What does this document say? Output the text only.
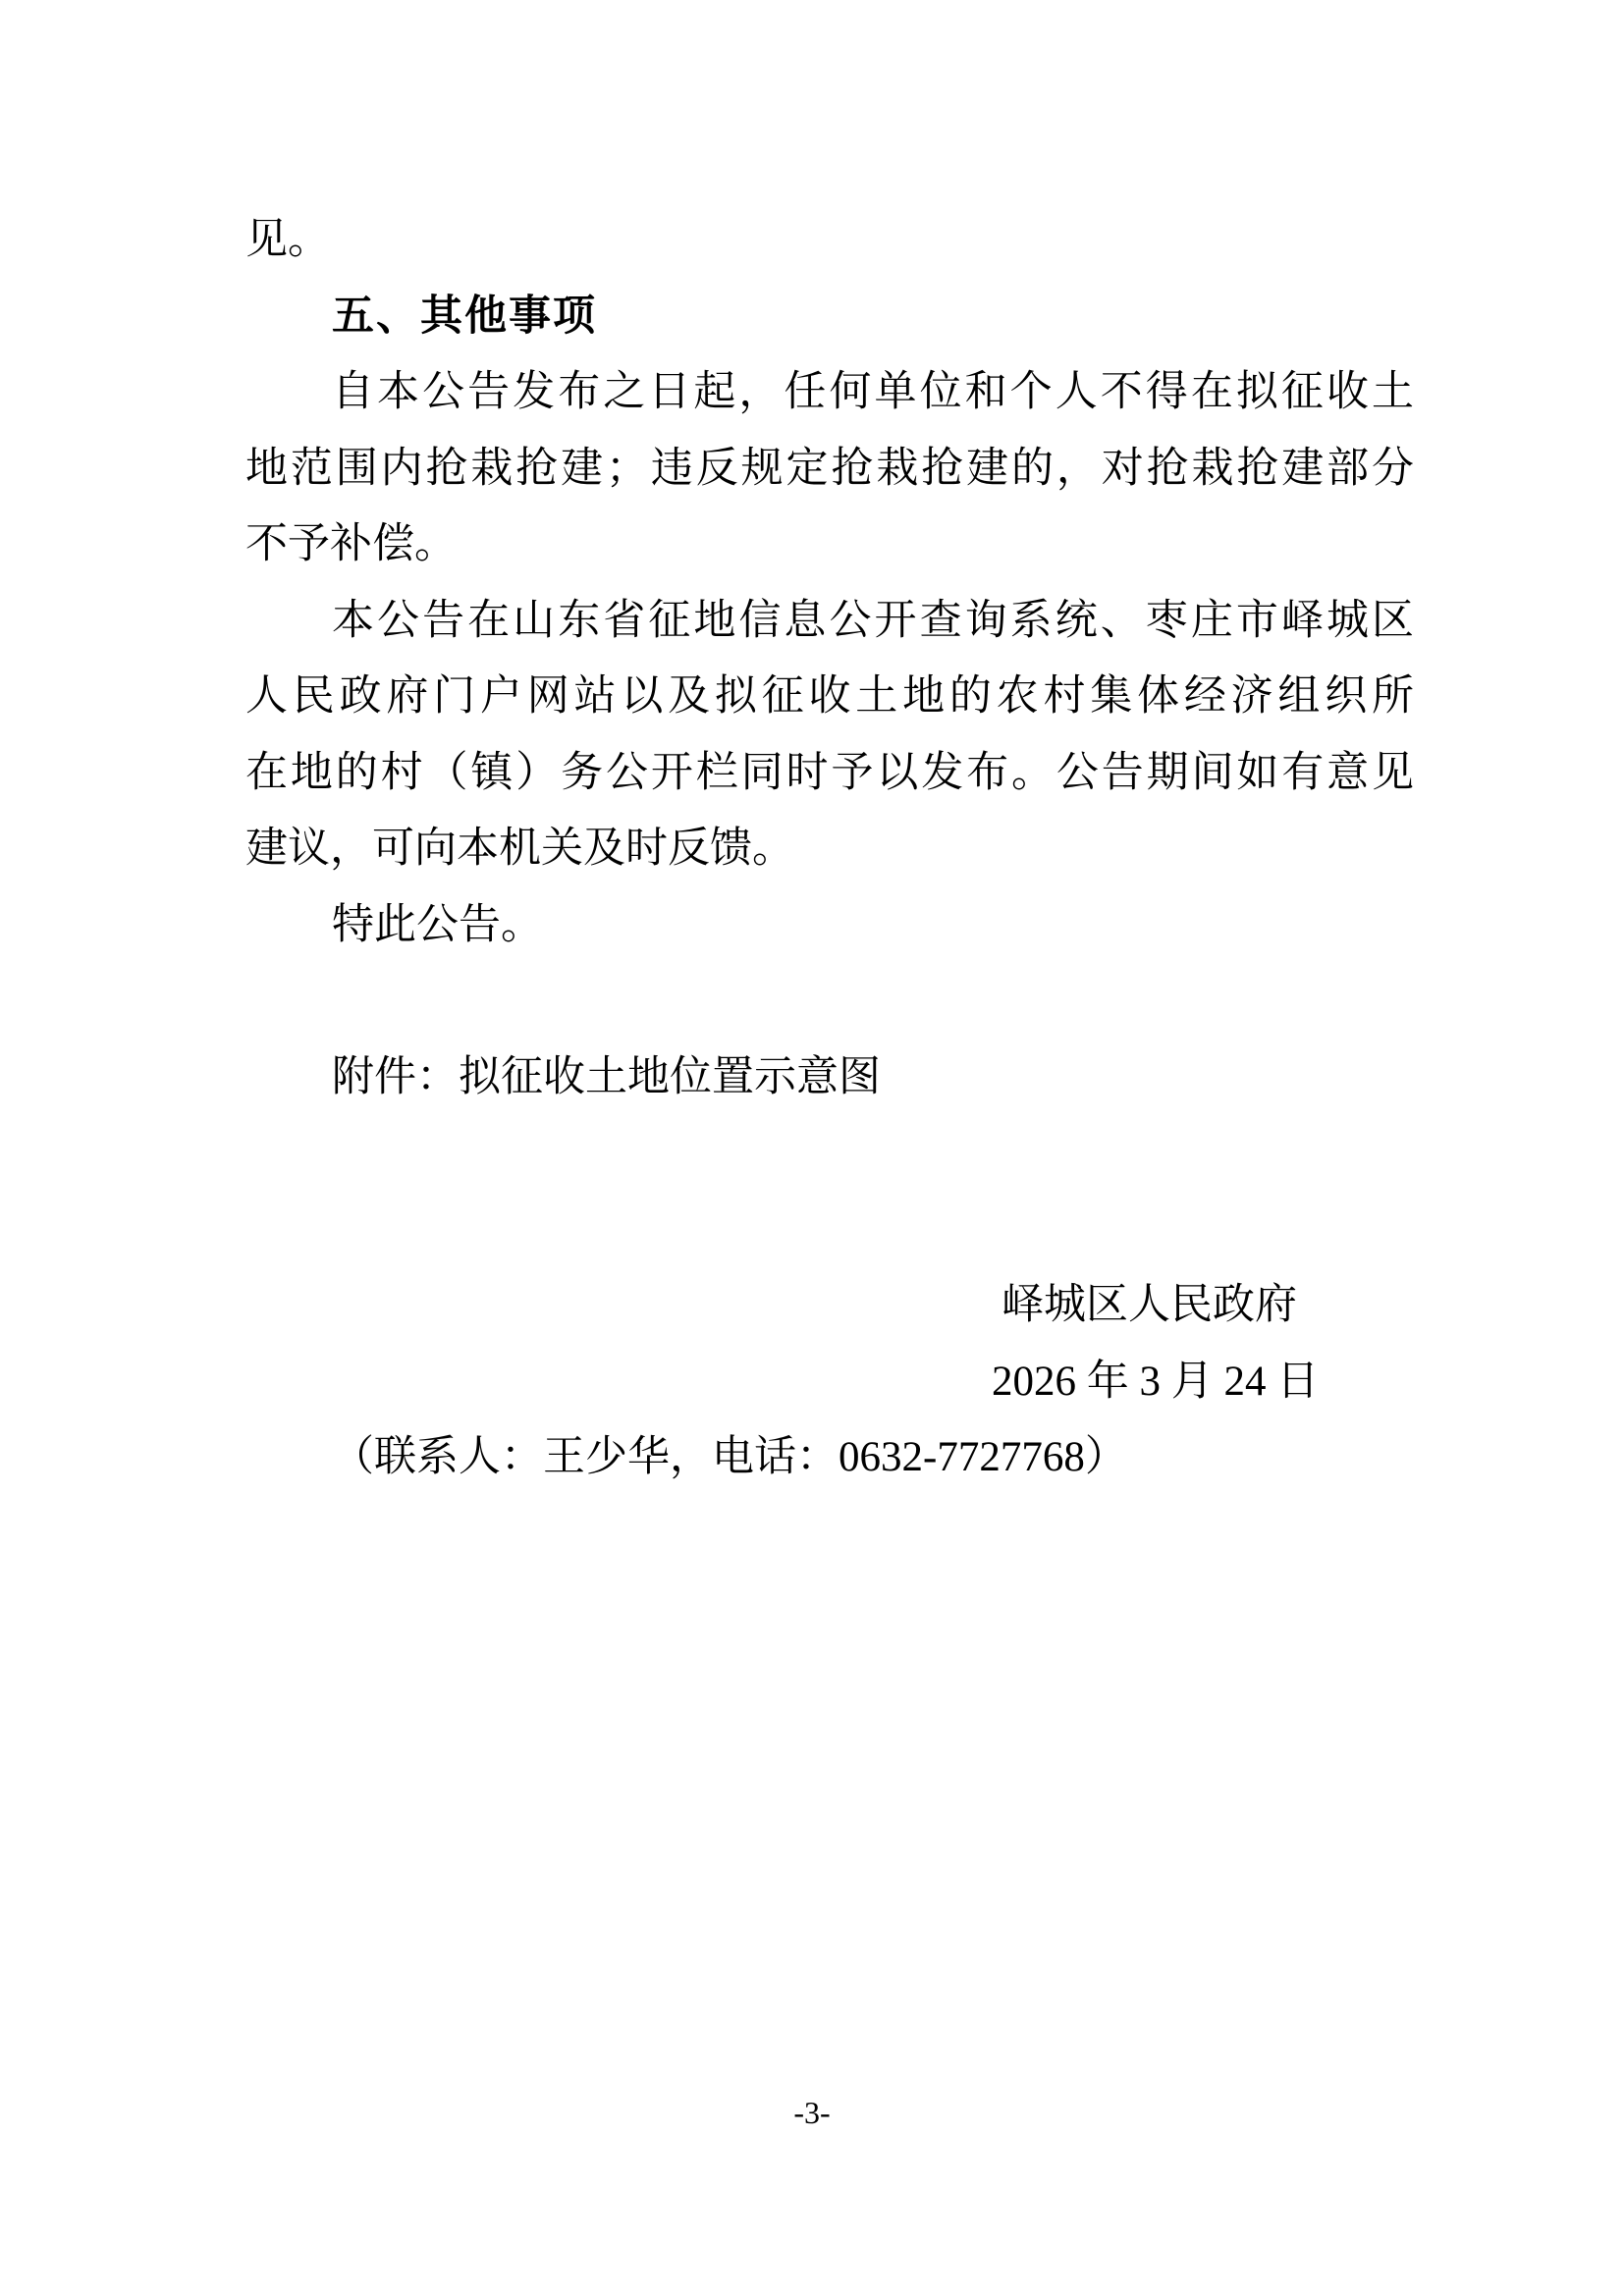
见。
五、其他事项
自本公告发布之日起，任何单位和个人不得在拟征收土
地范围内抢栽抢建；违反规定抢栽抢建的，对抢栽抢建部分
不予补偿。
本公告在山东省征地信息公开查询系统、枣庄市峄城区
人民政府门户网站以及拟征收土地的农村集体经济组织所
在地的村（镇）务公开栏同时予以发布。公告期间如有意见
建议，可向本机关及时反馈。
特此公告。
附件：拟征收土地位置示意图
峄城区人民政府
2026 年 3 月 24 日
（联系人：王少华，电话：0632-7727768）
-3-
